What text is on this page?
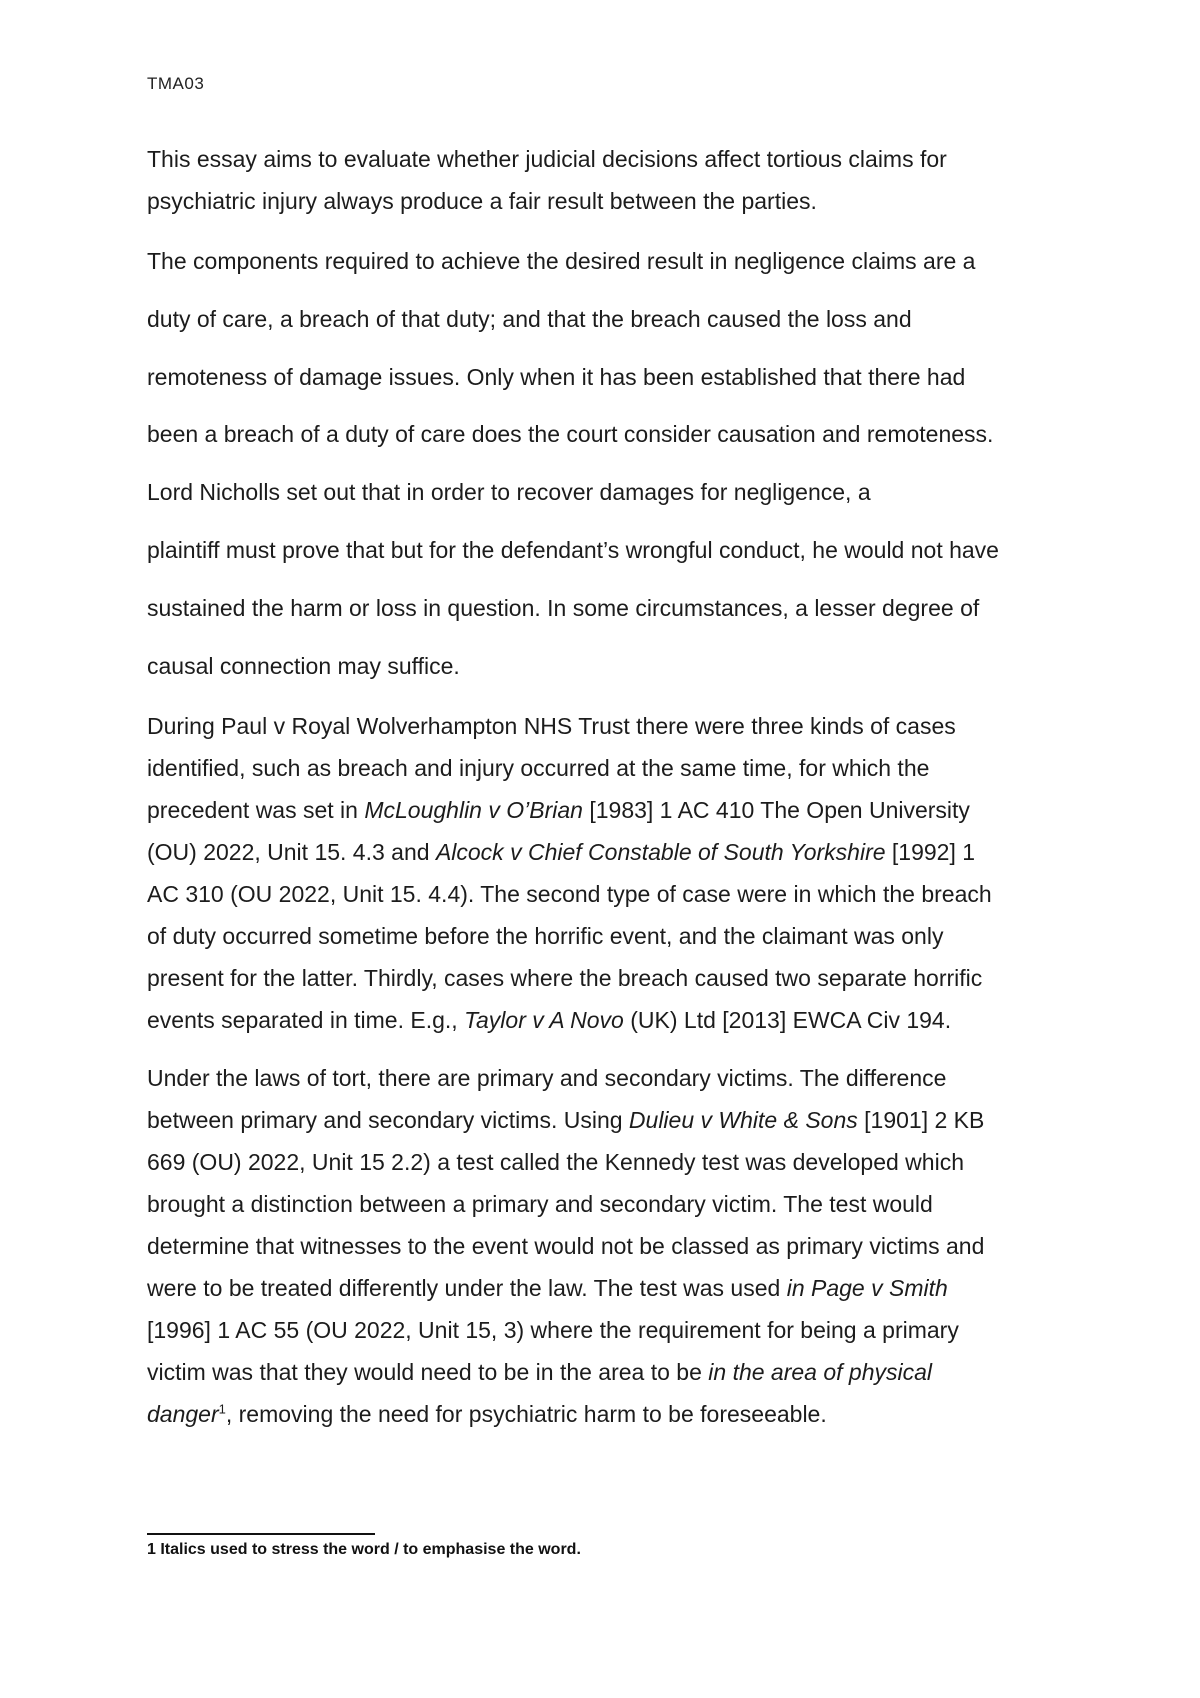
TMA03
This essay aims to evaluate whether judicial decisions affect tortious claims for
psychiatric injury always produce a fair result between the parties.
The components required to achieve the desired result in negligence claims are a
duty of care, a breach of that duty; and that the breach caused the loss and
remoteness of damage issues. Only when it has been established that there had
been a breach of a duty of care does the court consider causation and remoteness.
Lord Nicholls set out that in order to recover damages for negligence, a
plaintiff must prove that but for the defendant’s wrongful conduct, he would not have
sustained the harm or loss in question. In some circumstances, a lesser degree of
causal connection may suffice.
During Paul v Royal Wolverhampton NHS Trust there were three kinds of cases
identified, such as breach and injury occurred at the same time, for which the
precedent was set in McLoughlin v O’Brian [1983] 1 AC 410 The Open University
(OU) 2022, Unit 15. 4.3 and Alcock v Chief Constable of South Yorkshire [1992] 1
AC 310 (OU 2022, Unit 15. 4.4). The second type of case were in which the breach
of duty occurred sometime before the horrific event, and the claimant was only
present for the latter. Thirdly, cases where the breach caused two separate horrific
events separated in time. E.g., Taylor v A Novo (UK) Ltd [2013] EWCA Civ 194.
Under the laws of tort, there are primary and secondary victims. The difference
between primary and secondary victims. Using Dulieu v White & Sons [1901] 2 KB
669 (OU) 2022, Unit 15 2.2) a test called the Kennedy test was developed which
brought a distinction between a primary and secondary victim. The test would
determine that witnesses to the event would not be classed as primary victims and
were to be treated differently under the law. The test was used in Page v Smith
[1996] 1 AC 55 (OU 2022, Unit 15, 3) where the requirement for being a primary
victim was that they would need to be in the area to be in the area of physical
danger$^1$, removing the need for psychiatric harm to be foreseeable.
1 Italics used to stress the word / to emphasise the word.
